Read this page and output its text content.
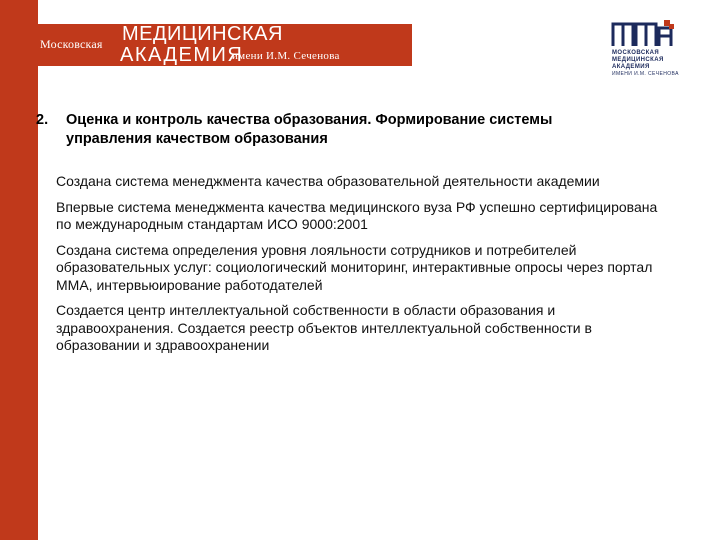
Московская МЕДИЦИНСКАЯ
АКАДЕМИЯ
имени И.М. Сеченова	МОСКОВСКАЯ
МЕДИЦИНСКАЯ
АКАДЕМИЯ
ИМЕНИ И.М. СЕЧЕНОВА
2. Оценка и контроль качества образования. Формирование системы управления качеством образования

Создана система менеджмента качества образовательной деятельности академии

Впервые система менеджмента качества медицинского вуза РФ успешно сертифицирована по международным стандартам ИСО 9000:2001

Создана система определения уровня лояльности сотрудников и потребителей образовательных услуг: социологический мониторинг, интерактивные опросы через портал ММА, интервьюирование работодателей

Создается центр интеллектуальной собственности в области образования и здравоохранения. Создается реестр объектов интеллектуальной собственности в образовании и здравоохранении
